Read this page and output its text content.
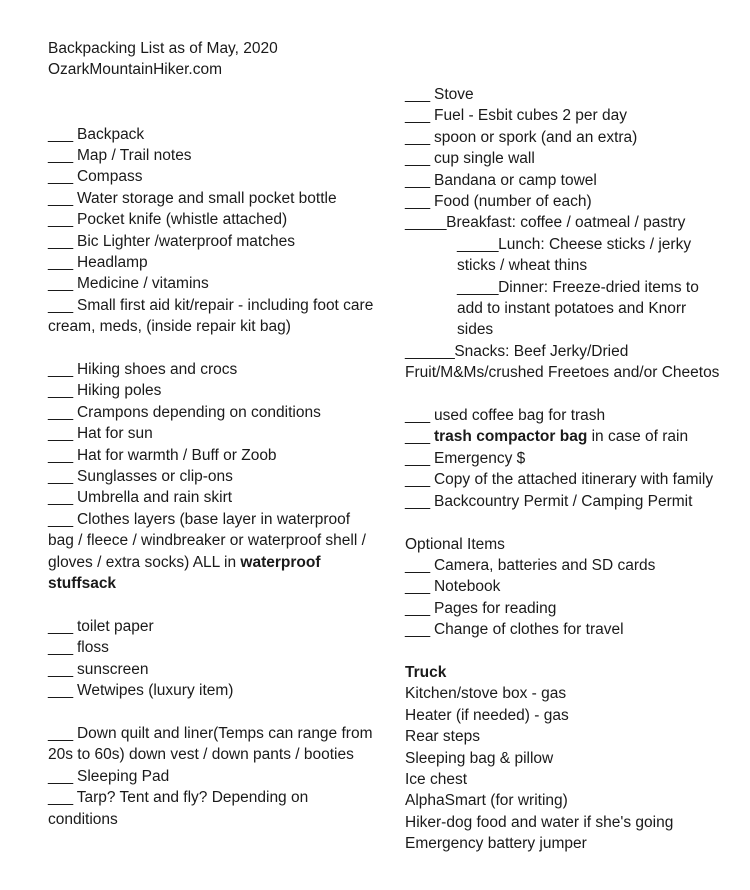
Backpacking List as of May, 2020
OzarkMountainHiker.com
___ Backpack
___ Map / Trail notes
___ Compass
___ Water storage and small pocket bottle
___ Pocket knife (whistle attached)
___ Bic Lighter /waterproof matches
___ Headlamp
___ Medicine / vitamins
___ Small first aid kit/repair - including foot care cream, meds, (inside repair kit bag)
___ Hiking shoes and crocs
___ Hiking poles
___ Crampons depending on conditions
___ Hat for sun
___ Hat for warmth / Buff or Zoob
___ Sunglasses or clip-ons
___ Umbrella and rain skirt
___ Clothes layers (base layer in waterproof bag / fleece / windbreaker or waterproof shell / gloves / extra socks) ALL in waterproof stuffsack
___ toilet paper
___ floss
___ sunscreen
___ Wetwipes (luxury item)
___ Down quilt and liner(Temps can range from 20s to 60s) down vest / down pants / booties
___ Sleeping Pad
___ Tarp? Tent and fly? Depending on conditions
___ Stove
___ Fuel - Esbit cubes 2 per day
___ spoon or spork (and an extra)
___ cup single wall
___ Bandana or camp towel
___ Food (number of each)
_____Breakfast: coffee / oatmeal / pastry
_____Lunch: Cheese sticks / jerky sticks / wheat thins
_____Dinner: Freeze-dried items to add to instant potatoes and Knorr sides
______Snacks: Beef Jerky/Dried Fruit/M&Ms/crushed Freetoes and/or Cheetos
___ used coffee bag for trash
___ trash compactor bag in case of rain
___ Emergency $
___ Copy of the attached itinerary with family
___ Backcountry Permit / Camping Permit
Optional Items
___ Camera, batteries and SD cards
___ Notebook
___ Pages for reading
___ Change of clothes for travel
Truck
Kitchen/stove box - gas
Heater (if needed) - gas
Rear steps
Sleeping bag & pillow
Ice chest
AlphaSmart (for writing)
Hiker-dog food and water if she's going
Emergency battery jumper
